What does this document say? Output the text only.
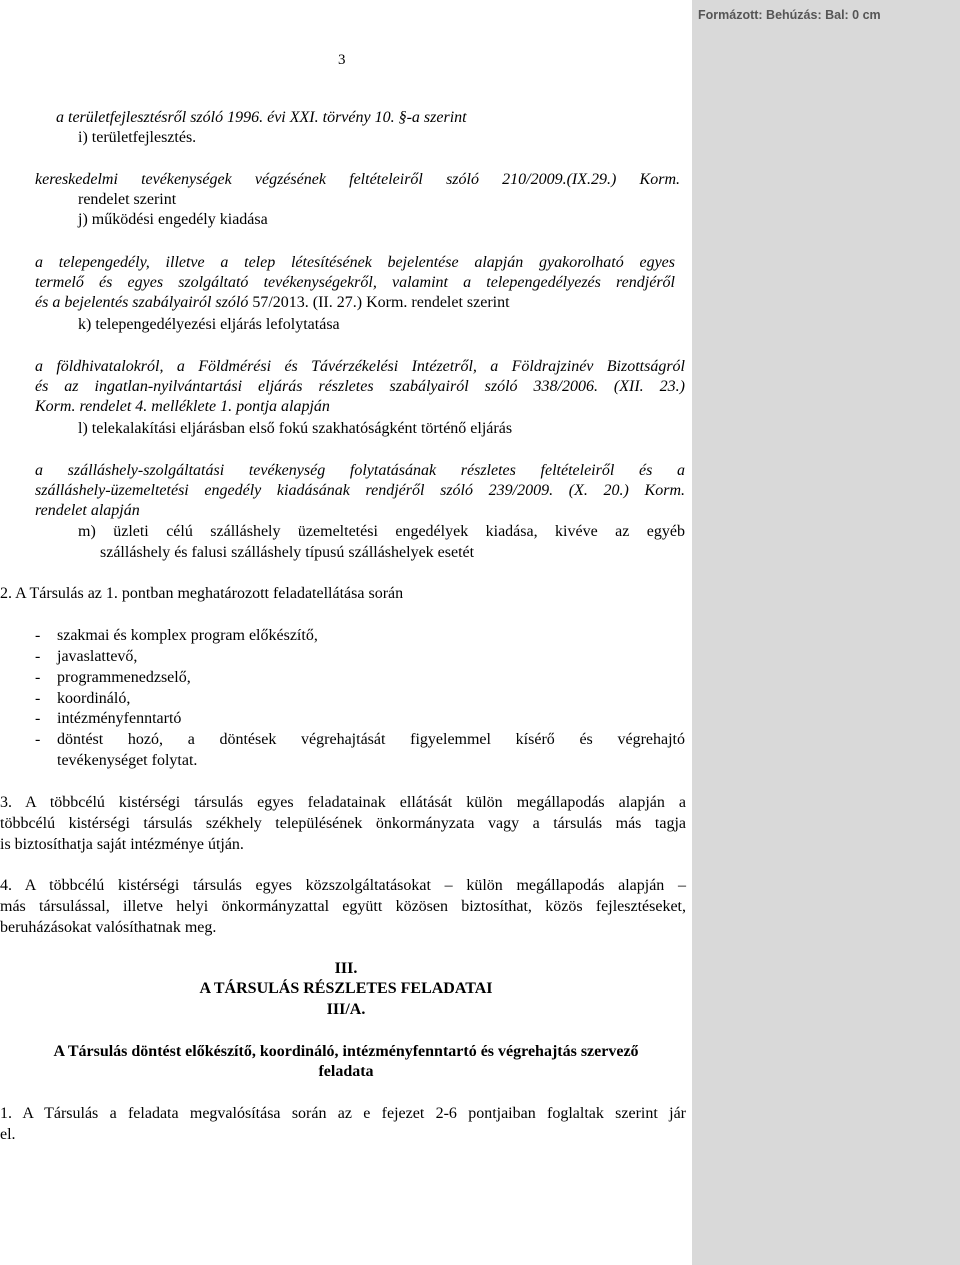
Formázott: Behúzás: Bal: 0 cm
3
a területfejlesztésről szóló 1996. évi XXI. törvény 10. §-a szerint
i) területfejlesztés.
kereskedelmi tevékenységek végzésének feltételeiről szóló 210/2009.(IX.29.) Korm.
rendelet szerint
j) működési engedély kiadása
a telepengedély, illetve a telep létesítésének bejelentése alapján gyakorolható egyes
termelő és egyes szolgáltató tevékenységekről, valamint a telepengedélyezés rendjéről
és a bejelentés szabályairól szóló 57/2013. (II. 27.) Korm. rendelet szerint
k) telepengedélyezési eljárás lefolytatása
a földhivatalokról, a Földmérési és Távérzékelési Intézetről, a Földrajzinév Bizottságról
és az ingatlan-nyilvántartási eljárás részletes szabályairól szóló 338/2006. (XII. 23.)
Korm. rendelet 4. melléklete 1. pontja alapján
l) telekalakítási eljárásban első fokú szakhatóságként történő eljárás
a szálláshely-szolgáltatási tevékenység folytatásának részletes feltételeiről és a
szálláshely-üzemeltetési engedély kiadásának rendjéről szóló 239/2009. (X. 20.) Korm.
rendelet alapján
m) üzleti célú szálláshely üzemeltetési engedélyek kiadása, kivéve az egyéb
szálláshely és falusi szálláshely típusú szálláshelyek esetét
2. A Társulás az 1. pontban meghatározott feladatellátása során
- szakmai és komplex program előkészítő,
- javaslattevő,
- programmenedzselő,
- koordináló,
- intézményfenntartó
- döntést hozó, a döntések végrehajtását figyelemmel kísérő és végrehajtó
tevékenységet folytat.
3. A többcélú kistérségi társulás egyes feladatainak ellátását külön megállapodás alapján a
többcélú kistérségi társulás székhely településének önkormányzata vagy a társulás más tagja
is biztosíthatja saját intézménye útján.
4. A többcélú kistérségi társulás egyes közszolgáltatásokat – külön megállapodás alapján –
más társulással, illetve helyi önkormányzattal együtt közösen biztosíthat, közös fejlesztéseket,
beruházásokat valósíthatnak meg.
III.
A TÁRSULÁS RÉSZLETES FELADATAI
III/A.
A Társulás döntést előkészítő, koordináló, intézményfenntartó és végrehajtás szervező
feladata
1. A Társulás a feladata megvalósítása során az e fejezet 2-6 pontjaiban foglaltak szerint jár
el.
